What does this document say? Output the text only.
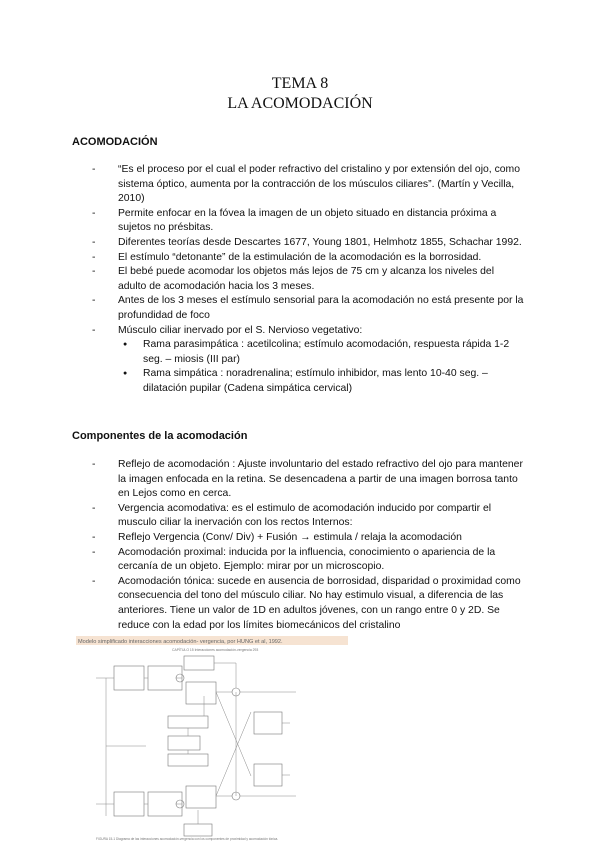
TEMA 8
LA ACOMODACIÓN
ACOMODACIÓN
- “Es el proceso por el cual el poder refractivo del cristalino y por extensión del ojo, como sistema óptico, aumenta por la contracción de los músculos ciliares”. (Martín y Vecilla, 2010)
- Permite enfocar en la fóvea la imagen de un objeto situado en distancia próxima a sujetos no présbitas.
- Diferentes teorías desde Descartes 1677, Young 1801, Helmhotz 1855, Schachar 1992.
- El estímulo “detonante” de la estimulación de la acomodación es la borrosidad.
- El bebé puede acomodar los objetos más lejos de 75 cm y alcanza los niveles del adulto de acomodación hacia los 3 meses.
- Antes de los 3 meses el estímulo sensorial para la acomodación no está presente por la profundidad de foco
- Músculo ciliar inervado por el S. Nervioso vegetativo:
● Rama parasimpática : acetilcolina; estímulo acomodación, respuesta rápida 1-2 seg. – miosis (III par)
● Rama simpática : noradrenalina; estímulo inhibidor, mas lento 10-40 seg. – dilatación pupilar (Cadena simpática cervical)
Componentes de la acomodación
- Reflejo de acomodación : Ajuste involuntario del estado refractivo del ojo para mantener la imagen enfocada en la retina. Se desencadena a partir de una imagen borrosa tanto en Lejos como en cerca.
- Vergencia acomodativa: es el estimulo de acomodación inducido por compartir el musculo ciliar la inervación con los rectos Internos:
- Reflejo Vergencia (Conv/ Div) + Fusión → estimula / relaja la acomodación
- Acomodación proximal: inducida por la influencia, conocimiento o apariencia de la cercanía de un objeto. Ejemplo: mirar por un microscopio.
- Acomodación tónica: sucede en ausencia de borrosidad, disparidad o proximidad como consecuencia del tono del músculo ciliar. No hay estimulo visual, a diferencia de las anteriores. Tiene un valor de 1D en adultos jóvenes, con un rango entre 0 y 2D. Se reduce con la edad por los límites biomecánicos del cristalino
Modelo simplificado interacciones acomodación- vergencia, por HUNG et al, 1992.
CAPÍTULO 15 Interacciones acomodación-vergencia 293
FIGURA 15-1 Diagrama de las interacciones acomodación-vergencia con los componentes de proximidad y acomodación tónica.
